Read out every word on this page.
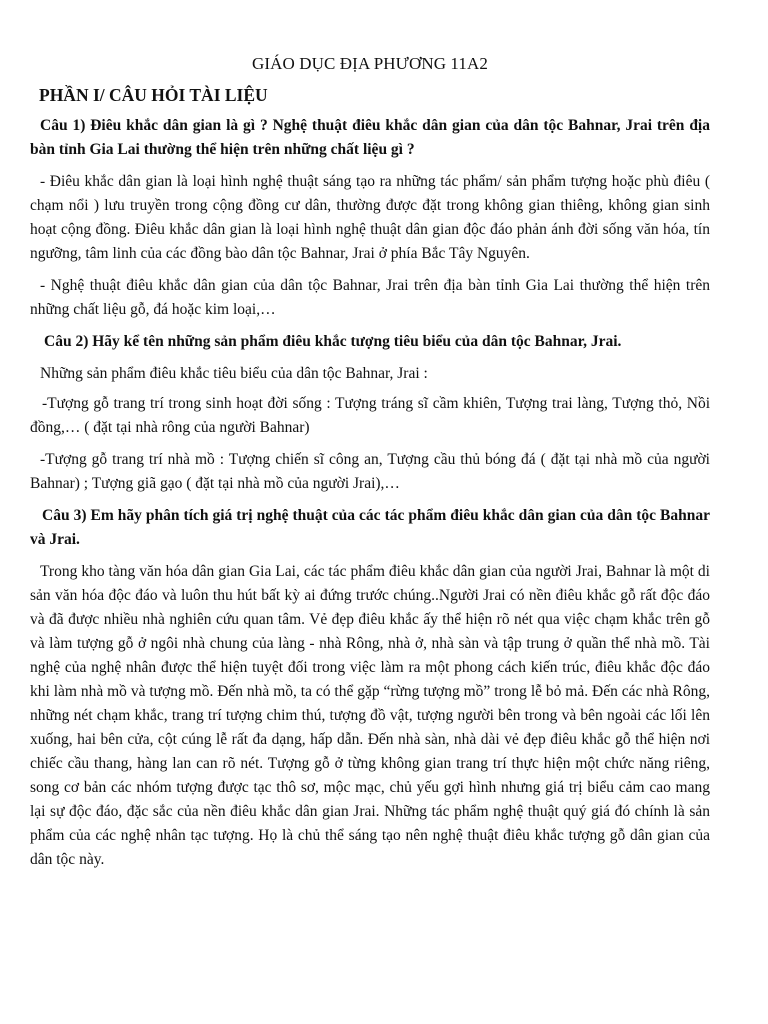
GIÁO DỤC ĐỊA PHƯƠNG 11A2

PHẦN I/ CÂU HỎI TÀI LIỆU

Câu 1) Điêu khắc dân gian là gì ? Nghệ thuật điêu khắc dân gian của dân tộc Bahnar, Jrai trên địa bàn tỉnh Gia Lai thường thể hiện trên những chất liệu gì ?

- Điêu khắc dân gian là loại hình nghệ thuật sáng tạo ra những tác phẩm/ sản phẩm tượng hoặc phù điêu ( chạm nổi ) lưu truyền trong cộng đồng cư dân, thường được đặt trong không gian thiêng, không gian sinh hoạt cộng đồng. Điêu khắc dân gian là loại hình nghệ thuật dân gian độc đáo phản ánh đời sống văn hóa, tín ngưỡng, tâm linh của các đồng bào dân tộc Bahnar, Jrai ở phía Bắc Tây Nguyên.

- Nghệ thuật điêu khắc dân gian của dân tộc Bahnar, Jrai trên địa bàn tỉnh Gia Lai thường thể hiện trên những chất liệu gỗ, đá hoặc kim loại,…

Câu 2) Hãy kể tên những sản phẩm điêu khắc tượng tiêu biểu của dân tộc Bahnar, Jrai.

Những sản phẩm điêu khắc tiêu biểu của dân tộc Bahnar, Jrai :

-Tượng gỗ trang trí trong sinh hoạt đời sống : Tượng tráng sĩ cầm khiên, Tượng trai làng, Tượng thỏ, Nồi đồng,… ( đặt tại nhà rông của người Bahnar)

-Tượng gỗ trang trí nhà mồ : Tượng chiến sĩ công an, Tượng cầu thủ bóng đá ( đặt tại nhà mồ của người Bahnar) ; Tượng giã gạo ( đặt tại nhà mồ của người Jrai),…

Câu 3) Em hãy phân tích giá trị nghệ thuật của các tác phẩm điêu khắc dân gian của dân tộc Bahnar và Jrai.

Trong kho tàng văn hóa dân gian Gia Lai, các tác phẩm điêu khắc dân gian của người Jrai, Bahnar là một di sản văn hóa độc đáo và luôn thu hút bất kỳ ai đứng trước chúng..Người Jrai có nền điêu khắc gỗ rất độc đáo và đã được nhiều nhà nghiên cứu quan tâm. Vẻ đẹp điêu khắc ấy thể hiện rõ nét qua việc chạm khắc trên gỗ và làm tượng gỗ ở ngôi nhà chung của làng - nhà Rông, nhà ở, nhà sàn và tập trung ở quần thể nhà mồ. Tài nghệ của nghệ nhân được thể hiện tuyệt đối trong việc làm ra một phong cách kiến trúc, điêu khắc độc đáo khi làm nhà mồ và tượng mồ. Đến nhà mồ, ta có thể gặp “rừng tượng mồ” trong lễ bỏ mả. Đến các nhà Rông, những nét chạm khắc, trang trí tượng chim thú, tượng đồ vật, tượng người bên trong và bên ngoài các lối lên xuống, hai bên cửa, cột cúng lễ rất đa dạng, hấp dẫn. Đến nhà sàn, nhà dài vẻ đẹp điêu khắc gỗ thể hiện nơi chiếc cầu thang, hàng lan can rõ nét. Tượng gỗ ở từng không gian trang trí thực hiện một chức năng riêng, song cơ bản các nhóm tượng được tạc thô sơ, mộc mạc, chủ yếu gợi hình nhưng giá trị biểu cảm cao mang lại sự độc đáo, đặc sắc của nền điêu khắc dân gian Jrai. Những tác phẩm nghệ thuật quý giá đó chính là sản phẩm của các nghệ nhân tạc tượng. Họ là chủ thể sáng tạo nên nghệ thuật điêu khắc tượng gỗ dân gian của dân tộc này.
